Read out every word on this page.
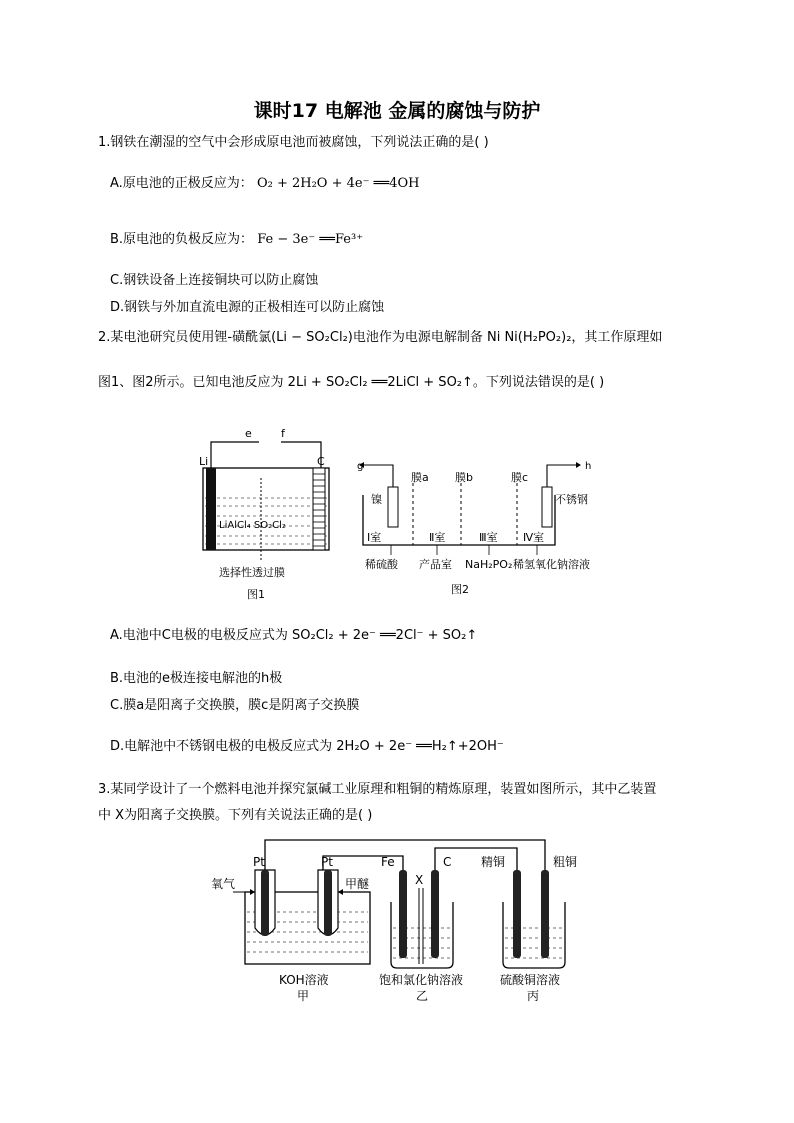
课时17 电解池 金属的腐蚀与防护
1.钢铁在潮湿的空气中会形成原电池而被腐蚀，下列说法正确的是( )
A.原电池的正极反应为： O₂ + 2H₂O + 4e⁻ ══4OH
B.原电池的负极反应为： Fe − 3e⁻ ══Fe³⁺
C.钢铁设备上连接铜块可以防止腐蚀
D.钢铁与外加直流电源的正极相连可以防止腐蚀
2.某电池研究员使用锂-磺酰氯(Li − SO₂Cl₂)电池作为电源电解制备 Ni Ni(H₂PO₂)₂，其工作原理如
图1、图2所示。已知电池反应为 2Li + SO₂Cl₂ ══2LiCl + SO₂↑。下列说法错误的是( )
e	f
Li	C
LiAlCl₄ SO₂Cl₂
选择性透过膜
图1
g	h
膜a 膜b	膜c
镍	不锈钢
Ⅰ室	Ⅱ室	Ⅲ室 Ⅳ室
稀硫酸 产品室 NaH₂PO₂ 稀氢氧化钠溶液
图2
A.电池中C电极的电极反应式为 SO₂Cl₂ + 2e⁻ ══2Cl⁻ + SO₂↑
B.电池的e极连接电解池的h极
C.膜a是阳离子交换膜，膜c是阴离子交换膜
D.电解池中不锈钢电极的电极反应式为 2H₂O + 2e⁻ ══H₂↑+2OH⁻
3.某同学设计了一个燃料电池并探究氯碱工业原理和粗铜的精炼原理，装置如图所示，其中乙装置
中 X为阳离子交换膜。下列有关说法正确的是( )
Pt	Pt
氧气	甲醚
Fe
X
C 精铜	粗铜
KOH溶液
甲
饱和氯化钠溶液
乙
硫酸铜溶液
丙
